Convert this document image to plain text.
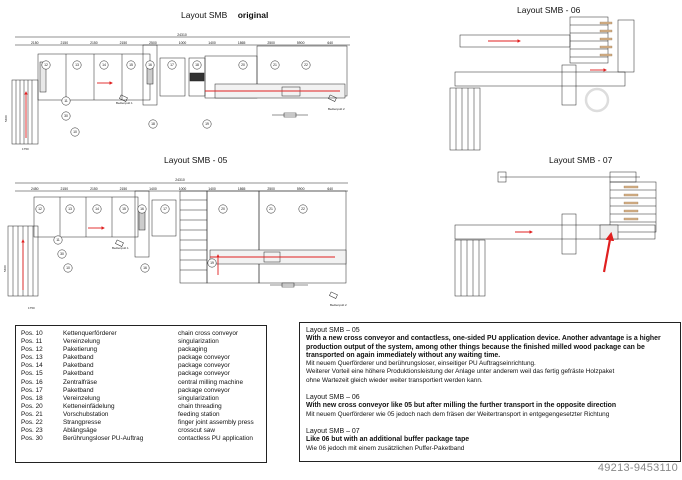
Layout SMB original	Layout SMB - 06
Layout SMB - 05	Layout SMB - 07
2150	2150	2150	2150	2500	1000	1400	1865	2500	5900	640
12	13	14	15	16	17	18	20	21	22
11
30
10
18	19
24310
5400
Bedienpult 1
Bedienpult 2
2450	2150	2150	2150	1400	1000	1400	1865	2500	5900	640
12	13	14	15	16	17	20	21	22
11
30
10	16
19
24310
5400
1750
Bedienpult 1
Bedienpult 2
1750
Pos. 10	Kettenquerförderer	chain cross conveyor
Pos. 11	Vereinzelung	singularization
Pos. 12	Paketierung	packaging
Pos. 13	Paketband	package conveyor
Pos. 14	Paketband	package conveyor
Pos. 15	Paketband	package conveyor
Pos. 16	Zentralfräse	central milling machine
Pos. 17	Paketband	package conveyor
Pos. 18	Vereinzelung	singularization
Pos. 20	Ketteneinfädelung	chain threading
Pos. 21	Vorschubstation	feeding station
Pos. 22	Strangpresse	finger joint assembly press
Pos. 23	Ablängsäge	crosscut saw
Pos. 30	Berührungsloser PU-Auftrag	contactless PU application
Layout SMB – 05
With a new cross conveyor and contactless, one-sided PU application device. Another advantage is a higher production output of the system, among other things because the finished milled wood package can be transported on again immediately without any waiting time.
Mit neuem Querförderer und berührungsloser, einseitiger PU Auftragseinrichtung.
Weiterer Vorteil eine höhere Produktionsleistung der Anlage unter anderem weil das fertig gefräste Holzpaket
ohne Wartezeit gleich wieder weiter transportiert werden kann.
Layout SMB – 06
With new cross conveyor like 05 but after milling the further transport in the opposite direction
Mit neuem Querförderer wie 05 jedoch nach dem fräsen der Weitertransport in entgegengesetzter Richtung
Layout SMB – 07
Like 06 but with an additional buffer package tape
Wie 06 jedoch mit einem zusätzlichen Puffer-Paketband
49213-9453110
